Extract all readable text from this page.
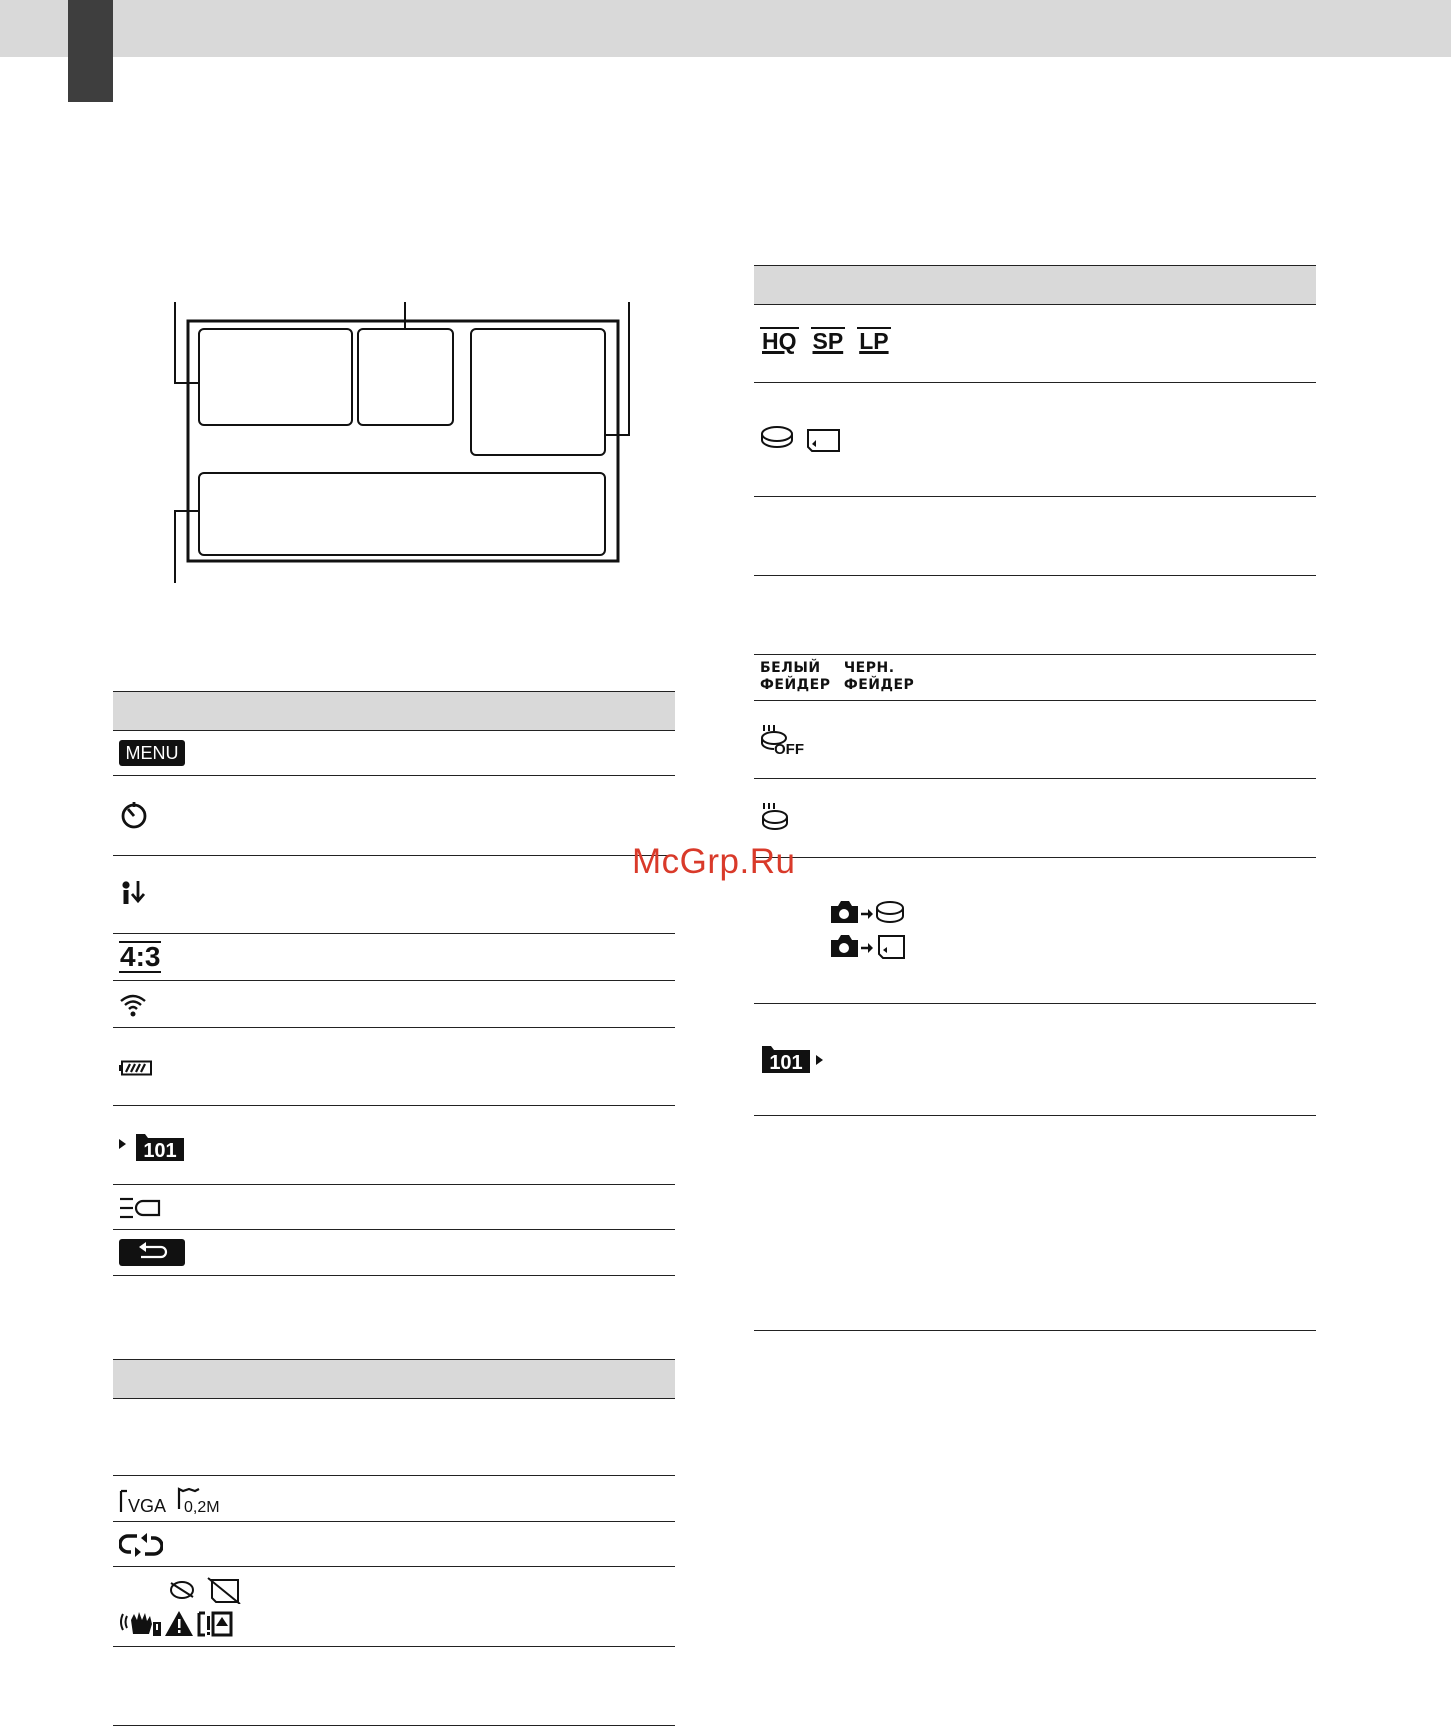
MENU
4:3
101
VGA 0,2M
HQ SP LP
БЕЛЫЙ
ФЕЙДЕР ЧЕРН.
ФЕЙДЕР
OFF
101
McGrp.Ru
